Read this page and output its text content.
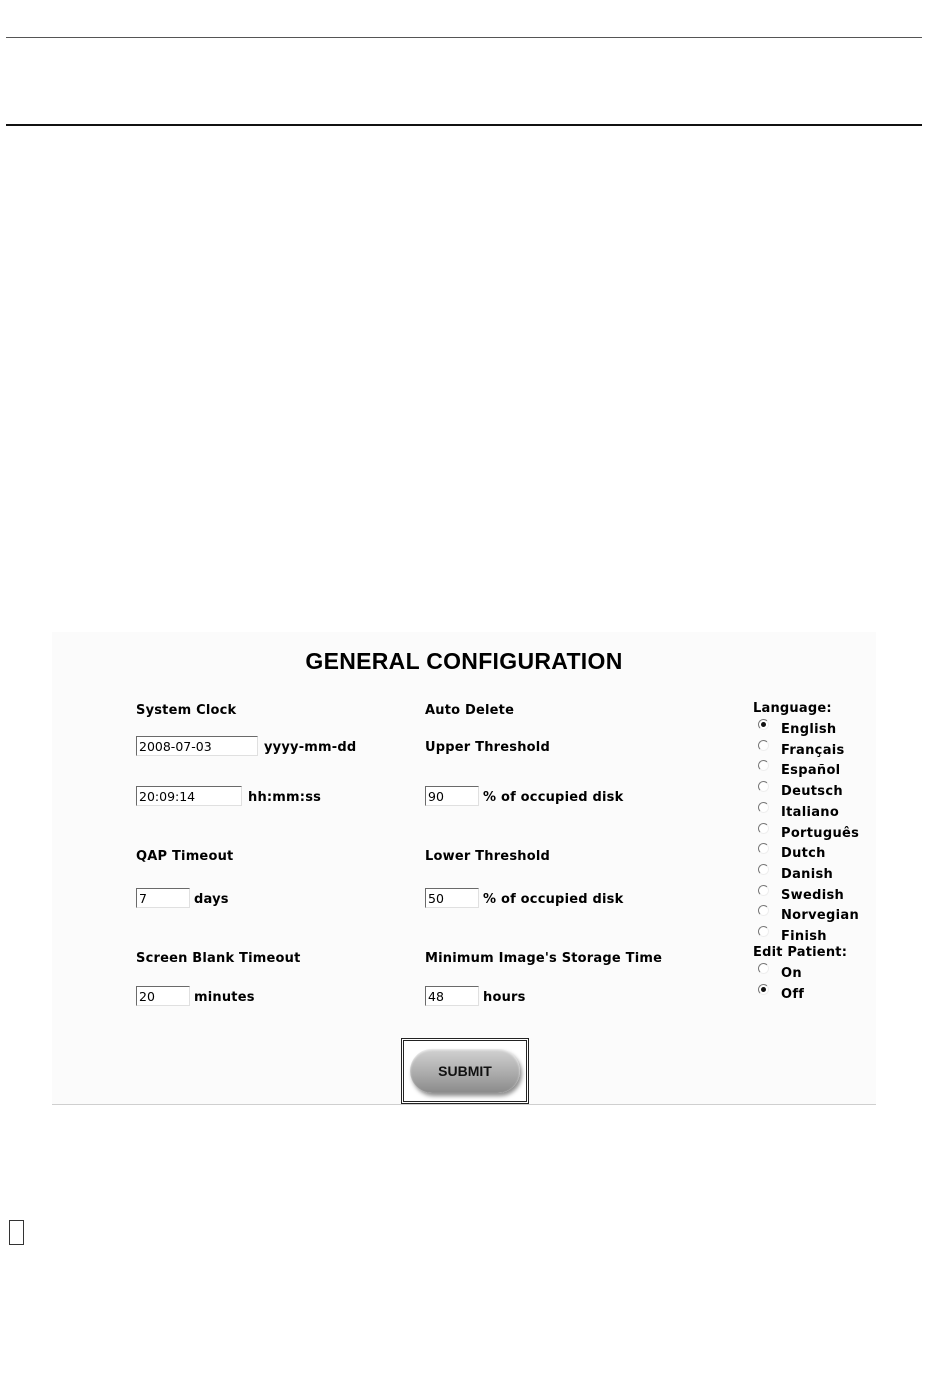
GENERAL CONFIGURATION
System Clock
2008-07-03	yyyy-mm-dd
20:09:14	hh:mm:ss
QAP Timeout
7	days
Screen Blank Timeout
20	minutes
Auto Delete
Upper Threshold
90	% of occupied disk
Lower Threshold
50	% of occupied disk
Minimum Image's Storage Time
48	hours
Language:
English
Français
Español
Deutsch
Italiano
Português
Dutch
Danish
Swedish
Norvegian
Finish
Edit Patient:
On
Off
SUBMIT
